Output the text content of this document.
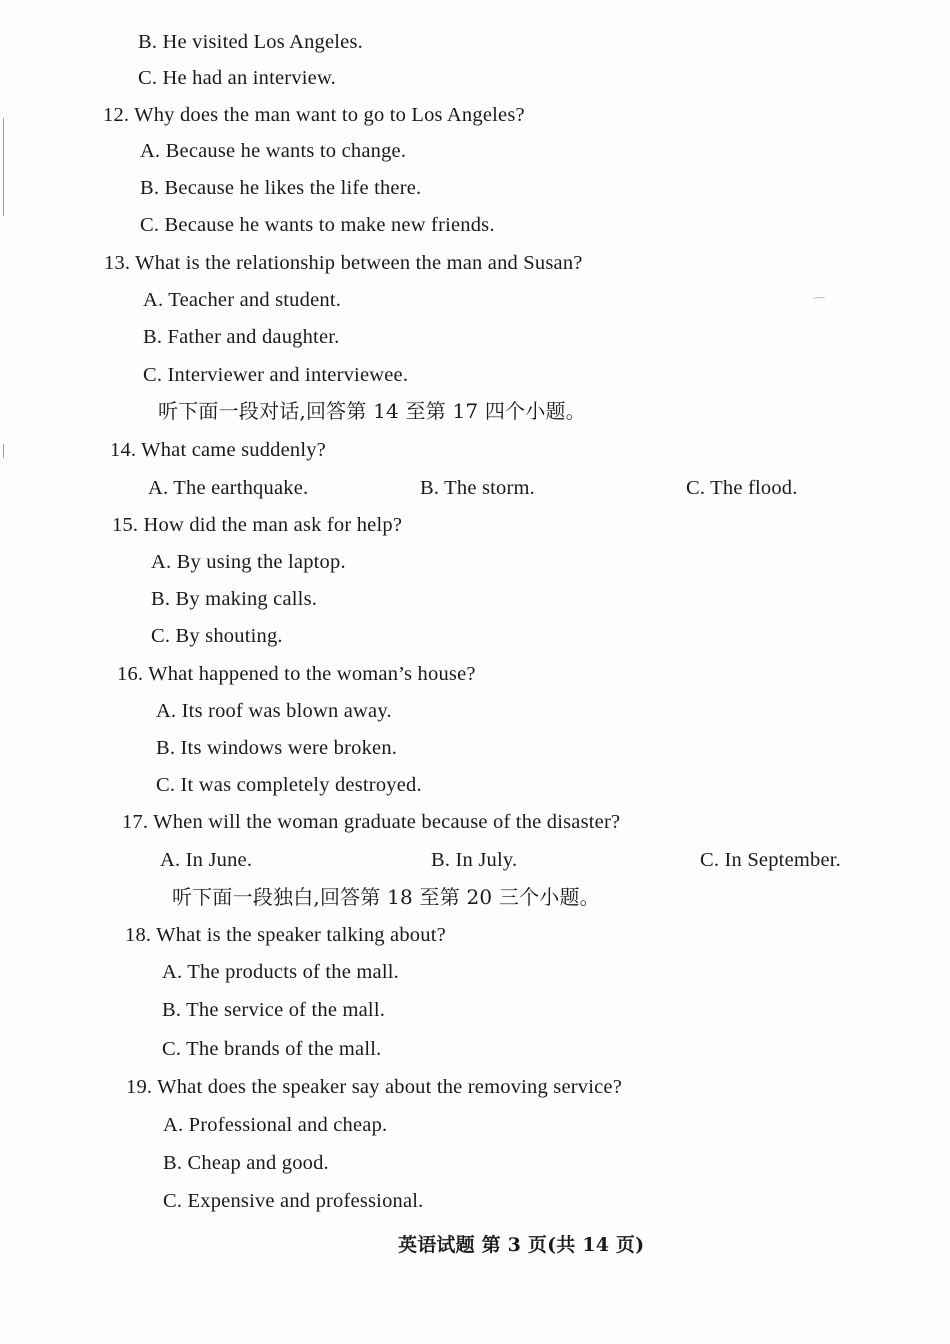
B. He visited Los Angeles.
C. He had an interview.
12. Why does the man want to go to Los Angeles?
A. Because he wants to change.
B. Because he likes the life there.
C. Because he wants to make new friends.
13. What is the relationship between the man and Susan?
A. Teacher and student.
B. Father and daughter.
C. Interviewer and interviewee.
听下面一段对话,回答第 14 至第 17 四个小题。
14. What came suddenly?
A. The earthquake.	B. The storm.	C. The flood.
15. How did the man ask for help?
A. By using the laptop.
B. By making calls.
C. By shouting.
16. What happened to the woman’s house?
A. Its roof was blown away.
B. Its windows were broken.
C. It was completely destroyed.
17. When will the woman graduate because of the disaster?
A. In June.	B. In July.	C. In September.
听下面一段独白,回答第 18 至第 20 三个小题。
18. What is the speaker talking about?
A. The products of the mall.
B. The service of the mall.
C. The brands of the mall.
19. What does the speaker say about the removing service?
A. Professional and cheap.
B. Cheap and good.
C. Expensive and professional.
英语试题 第 3 页(共 14 页)
